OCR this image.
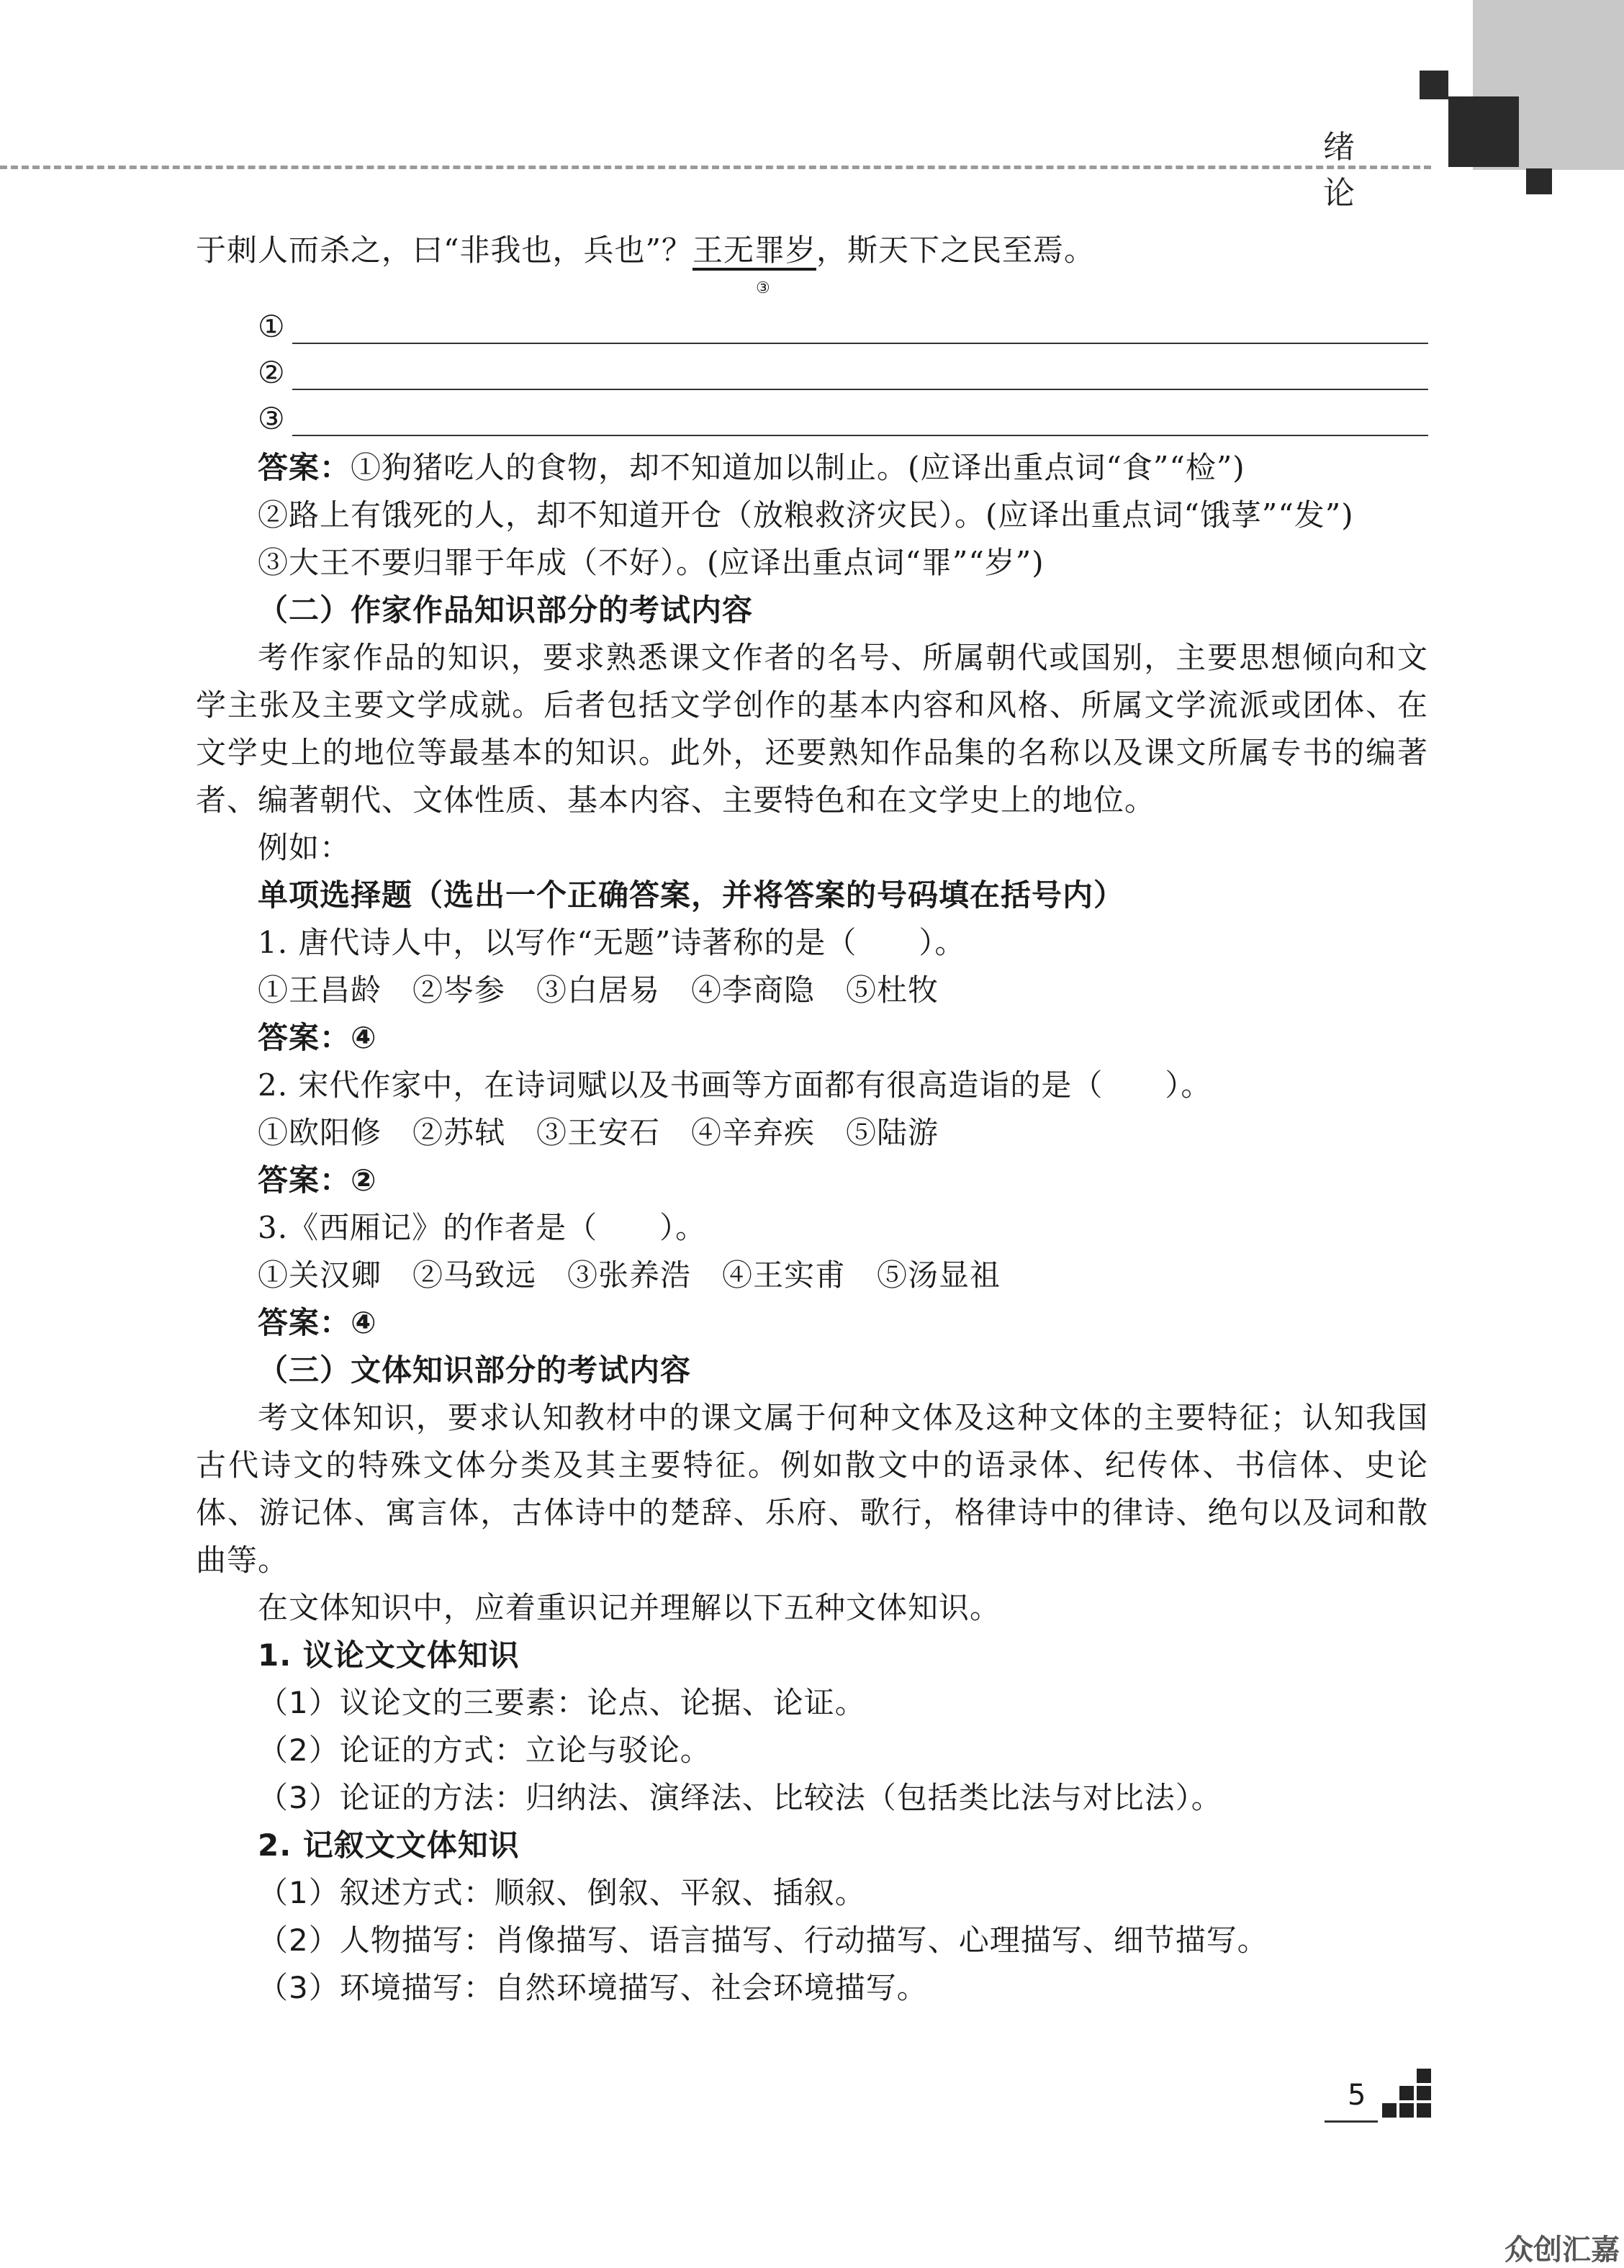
绪 论
于刺人而杀之，曰“非我也，兵也”？王无罪岁，斯天下之民至焉。
③
①
②
③
答案：①狗猪吃人的食物，却不知道加以制止。(应译出重点词“食”“检”)
②路上有饿死的人，却不知道开仓（放粮救济灾民）。(应译出重点词“饿莩”“发”)
③大王不要归罪于年成（不好）。(应译出重点词“罪”“岁”)
（二）作家作品知识部分的考试内容
考作家作品的知识，要求熟悉课文作者的名号、所属朝代或国别，主要思想倾向和文
学主张及主要文学成就。后者包括文学创作的基本内容和风格、所属文学流派或团体、在
文学史上的地位等最基本的知识。此外，还要熟知作品集的名称以及课文所属专书的编著
者、编著朝代、文体性质、基本内容、主要特色和在文学史上的地位。
例如：
单项选择题（选出一个正确答案，并将答案的号码填在括号内）
1. 唐代诗人中，以写作“无题”诗著称的是（　　）。
①王昌龄　②岑参　③白居易　④李商隐　⑤杜牧
答案：④
2. 宋代作家中，在诗词赋以及书画等方面都有很高造诣的是（　　）。
①欧阳修　②苏轼　③王安石　④辛弃疾　⑤陆游
答案：②
3.《西厢记》的作者是（　　）。
①关汉卿　②马致远　③张养浩　④王实甫　⑤汤显祖
答案：④
（三）文体知识部分的考试内容
考文体知识，要求认知教材中的课文属于何种文体及这种文体的主要特征；认知我国
古代诗文的特殊文体分类及其主要特征。例如散文中的语录体、纪传体、书信体、史论
体、游记体、寓言体，古体诗中的楚辞、乐府、歌行，格律诗中的律诗、绝句以及词和散
曲等。
在文体知识中，应着重识记并理解以下五种文体知识。
1. 议论文文体知识
（1）议论文的三要素：论点、论据、论证。
（2）论证的方式：立论与驳论。
（3）论证的方法：归纳法、演绎法、比较法（包括类比法与对比法）。
2. 记叙文文体知识
（1）叙述方式：顺叙、倒叙、平叙、插叙。
（2）人物描写：肖像描写、语言描写、行动描写、心理描写、细节描写。
（3）环境描写：自然环境描写、社会环境描写。
5
众创汇嘉
